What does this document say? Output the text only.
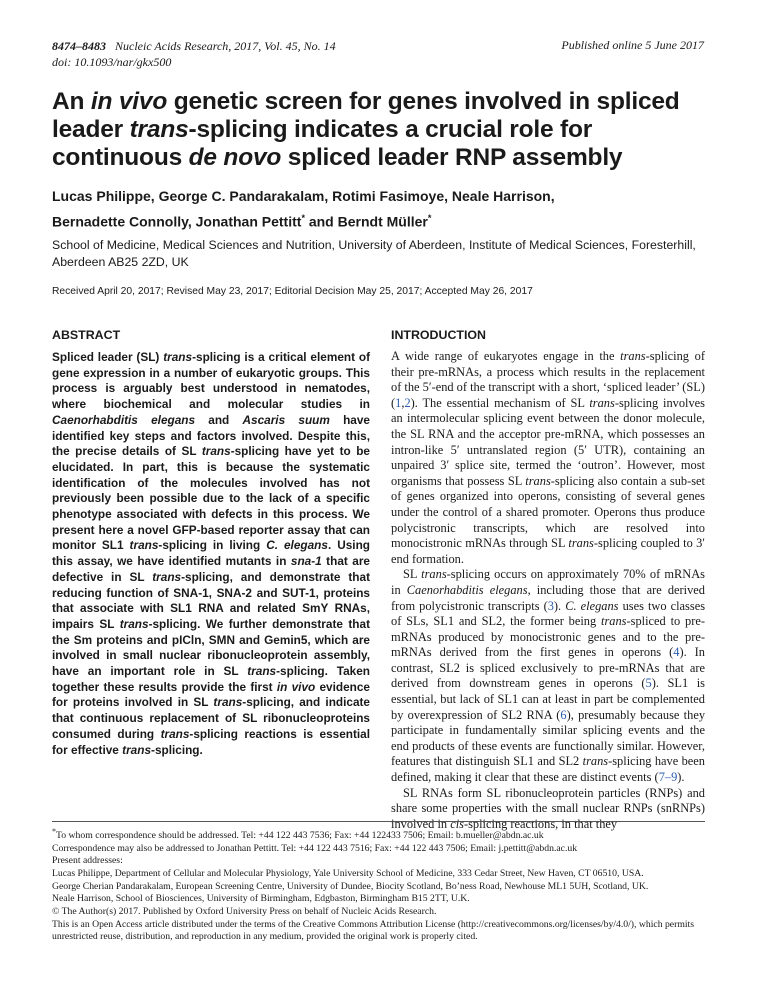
8474–8483 Nucleic Acids Research, 2017, Vol. 45, No. 14
doi: 10.1093/nar/gkx500
Published online 5 June 2017
An in vivo genetic screen for genes involved in spliced leader trans-splicing indicates a crucial role for continuous de novo spliced leader RNP assembly
Lucas Philippe, George C. Pandarakalam, Rotimi Fasimoye, Neale Harrison,
Bernadette Connolly, Jonathan Pettitt* and Berndt Müller*
School of Medicine, Medical Sciences and Nutrition, University of Aberdeen, Institute of Medical Sciences, Foresterhill, Aberdeen AB25 2ZD, UK
Received April 20, 2017; Revised May 23, 2017; Editorial Decision May 25, 2017; Accepted May 26, 2017
ABSTRACT	INTRODUCTION
Spliced leader (SL) trans-splicing is a critical element of gene expression in a number of eukaryotic groups. This process is arguably best understood in nematodes, where biochemical and molecular studies in Caenorhabditis elegans and Ascaris suum have identified key steps and factors involved. Despite this, the precise details of SL trans-splicing have yet to be elucidated. In part, this is because the systematic identification of the molecules involved has not previously been possible due to the lack of a specific phenotype associated with defects in this process. We present here a novel GFP-based reporter assay that can monitor SL1 trans-splicing in living C. elegans. Using this assay, we have identified mutants in sna-1 that are defective in SL trans-splicing, and demonstrate that reducing function of SNA-1, SNA-2 and SUT-1, proteins that associate with SL1 RNA and related SmY RNAs, impairs SL trans-splicing. We further demonstrate that the Sm proteins and pICln, SMN and Gemin5, which are involved in small nuclear ribonucleoprotein assembly, have an important role in SL trans-splicing. Taken together these results provide the first in vivo evidence for proteins involved in SL trans-splicing, and indicate that continuous replacement of SL ribonucleoproteins consumed during trans-splicing reactions is essential for effective trans-splicing.

A wide range of eukaryotes engage in the trans-splicing of their pre-mRNAs, a process which results in the replacement of the 5′-end of the transcript with a short, ‘spliced leader’ (SL) (1,2). The essential mechanism of SL trans-splicing involves an intermolecular splicing event between the donor molecule, the SL RNA and the acceptor pre-mRNA, which possesses an intron-like 5′ untranslated region (5′ UTR), containing an unpaired 3′ splice site, termed the ‘outron’. However, most organisms that possess SL trans-splicing also contain a sub-set of genes organized into operons, consisting of several genes under the control of a shared promoter. Operons thus produce polycistronic transcripts, which are resolved into monocistronic mRNAs through SL trans-splicing coupled to 3′ end formation.

SL trans-splicing occurs on approximately 70% of mRNAs in Caenorhabditis elegans, including those that are derived from polycistronic transcripts (3). C. elegans uses two classes of SLs, SL1 and SL2, the former being trans-spliced to pre-mRNAs produced by monocistronic genes and to the pre-mRNAs derived from the first genes in operons (4). In contrast, SL2 is spliced exclusively to pre-mRNAs that are derived from downstream genes in operons (5). SL1 is essential, but lack of SL1 can at least in part be complemented by overexpression of SL2 RNA (6), presumably because they participate in fundamentally similar splicing events and the end products of these events are functionally similar. However, features that distinguish SL1 and SL2 trans-splicing have been defined, making it clear that these are distinct events (7–9).

SL RNAs form SL ribonucleoprotein particles (RNPs) and share some properties with the small nuclear RNPs (snRNPs) involved in cis-splicing reactions, in that they

*To whom correspondence should be addressed. Tel: +44 122 443 7536; Fax: +44 122433 7506; Email: b.mueller@abdn.ac.uk
Correspondence may also be addressed to Jonathan Pettitt. Tel: +44 122 443 7516; Fax: +44 122 443 7506; Email: j.pettitt@abdn.ac.uk
Present addresses:
Lucas Philippe, Department of Cellular and Molecular Physiology, Yale University School of Medicine, 333 Cedar Street, New Haven, CT 06510, USA.
George Cherian Pandarakalam, European Screening Centre, University of Dundee, Biocity Scotland, Bo’ness Road, Newhouse ML1 5UH, Scotland, UK.
Neale Harrison, School of Biosciences, University of Birmingham, Edgbaston, Birmingham B15 2TT, U.K.
© The Author(s) 2017. Published by Oxford University Press on behalf of Nucleic Acids Research.
This is an Open Access article distributed under the terms of the Creative Commons Attribution License (http://creativecommons.org/licenses/by/4.0/), which permits unrestricted reuse, distribution, and reproduction in any medium, provided the original work is properly cited.
